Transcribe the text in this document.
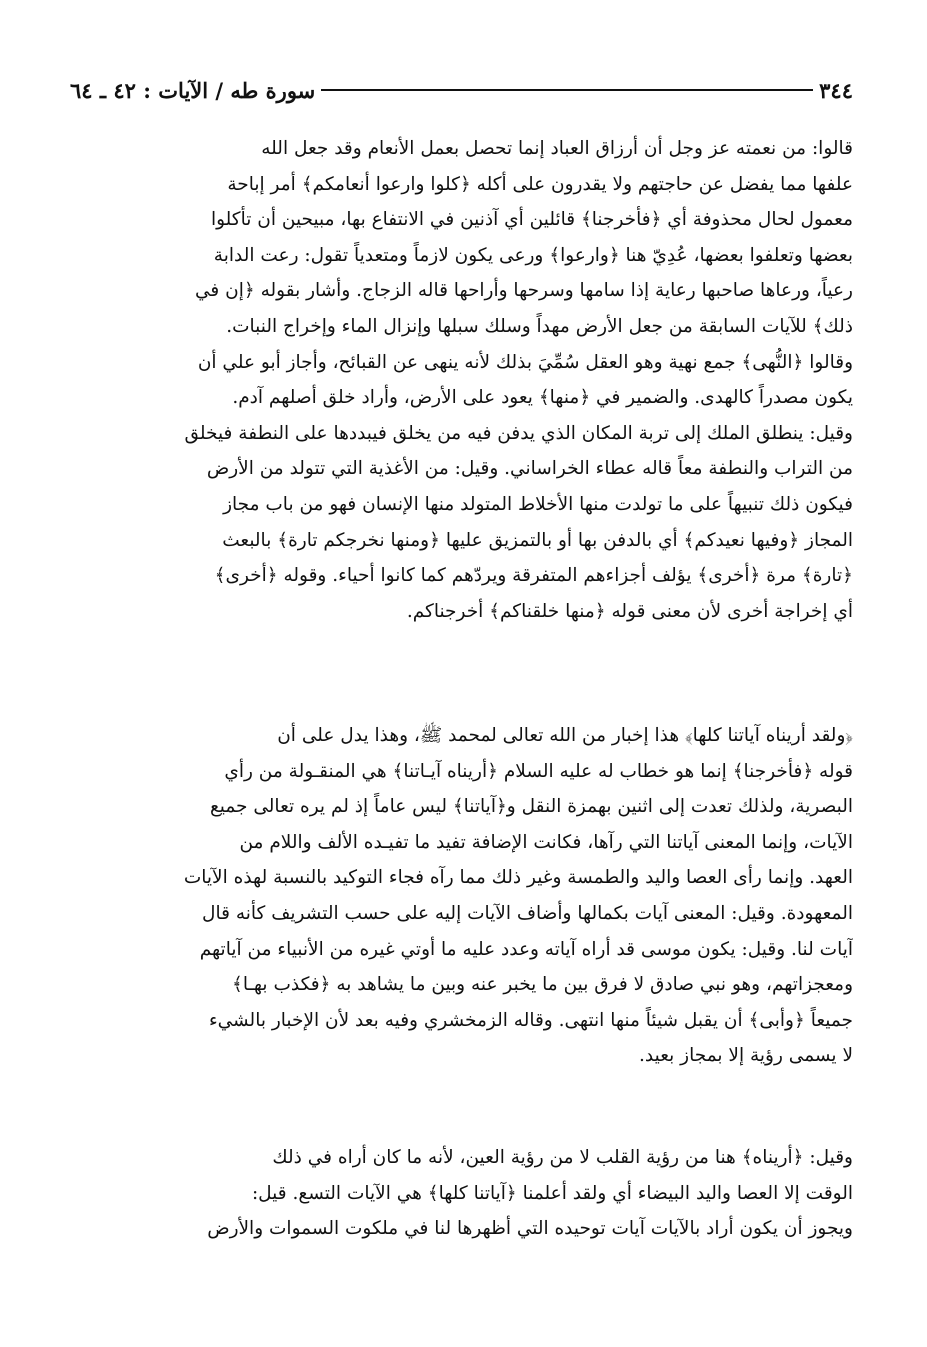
٣٤٤
سورة طه / الآيات : ٤٢ ـ ٦٤
قالوا: من نعمته عز وجل أن أرزاق العباد إنما تحصل بعمل الأنعام وقد جعل الله
علفها مما يفضل عن حاجتهم ولا يقدرون على أكله ﴿كلوا وارعوا أنعامكم﴾ أمر إباحة
معمول لحال محذوفة أي ﴿فأخرجنا﴾ قائلين أي آذنين في الانتفاع بها، مبيحين أن تأكلوا
بعضها وتعلفوا بعضها، عُدِيّ هنا ﴿وارعوا﴾ ورعى يكون لازماً ومتعدياً تقول: رعت الدابة
رعياً، ورعاها صاحبها رعاية إذا سامها وسرحها وأراحها قاله الزجاج. وأشار بقوله ﴿إن في
ذلك﴾ للآيات السابقة من جعل الأرض مهداً وسلك سبلها وإنزال الماء وإخراج النبات.
وقالوا ﴿النُّهى﴾ جمع نهية وهو العقل سُمِّيَ بذلك لأنه ينهى عن القبائح، وأجاز أبو علي أن
يكون مصدراً كالهدى. والضمير في ﴿منها﴾ يعود على الأرض، وأراد خلق أصلهم آدم.
وقيل: ينطلق الملك إلى تربة المكان الذي يدفن فيه من يخلق فيبددها على النطفة فيخلق
من التراب والنطفة معاً قاله عطاء الخراساني. وقيل: من الأغذية التي تتولد من الأرض
فيكون ذلك تنبيهاً على ما تولدت منها الأخلاط المتولد منها الإنسان فهو من باب مجاز
المجاز ﴿وفيها نعيدكم﴾ أي بالدفن بها أو بالتمزيق عليها ﴿ومنها نخرجكم تارة﴾ بالبعث
﴿تارة﴾ مرة ﴿أخرى﴾ يؤلف أجزاءهم المتفرقة ويردّهم كما كانوا أحياء. وقوله ﴿أخرى﴾
أي إخراجة أخرى لأن معنى قوله ﴿منها خلقناكم﴾ أخرجناكم.
﴿ولقد أريناه آياتنا كلها﴾ هذا إخبار من الله تعالى لمحمد ﷺ، وهذا يدل على أن
قوله ﴿فأخرجنا﴾ إنما هو خطاب له عليه السلام ﴿أريناه آيـاتنا﴾ هي المنقـولة من رأي
البصرية، ولذلك تعدت إلى اثنين بهمزة النقل و﴿آياتنا﴾ ليس عاماً إذ لم يره تعالى جميع
الآيات، وإنما المعنى آياتنا التي رآها، فكانت الإضافة تفيد ما تفيـده الألف واللام من
العهد. وإنما رأى العصا واليد والطمسة وغير ذلك مما رآه فجاء التوكيد بالنسبة لهذه الآيات
المعهودة. وقيل: المعنى آيات بكمالها وأضاف الآيات إليه على حسب التشريف كأنه قال
آيات لنا. وقيل: يكون موسى قد أراه آياته وعدد عليه ما أوتي غيره من الأنبياء من آياتهم
ومعجزاتهم، وهو نبي صادق لا فرق بين ما يخبر عنه وبين ما يشاهد به ﴿فكذب بهـا﴾
جميعاً ﴿وأبى﴾ أن يقبل شيئاً منها انتهى. وقاله الزمخشري وفيه بعد لأن الإخبار بالشيء
لا يسمى رؤية إلا بمجاز بعيد.
وقيل: ﴿أريناه﴾ هنا من رؤية القلب لا من رؤية العين، لأنه ما كان أراه في ذلك
الوقت إلا العصا واليد البيضاء أي ولقد أعلمنا ﴿آياتنا كلها﴾ هي الآيات التسع. قيل:
ويجوز أن يكون أراد بالآيات آيات توحيده التي أظهرها لنا في ملكوت السموات والأرض
